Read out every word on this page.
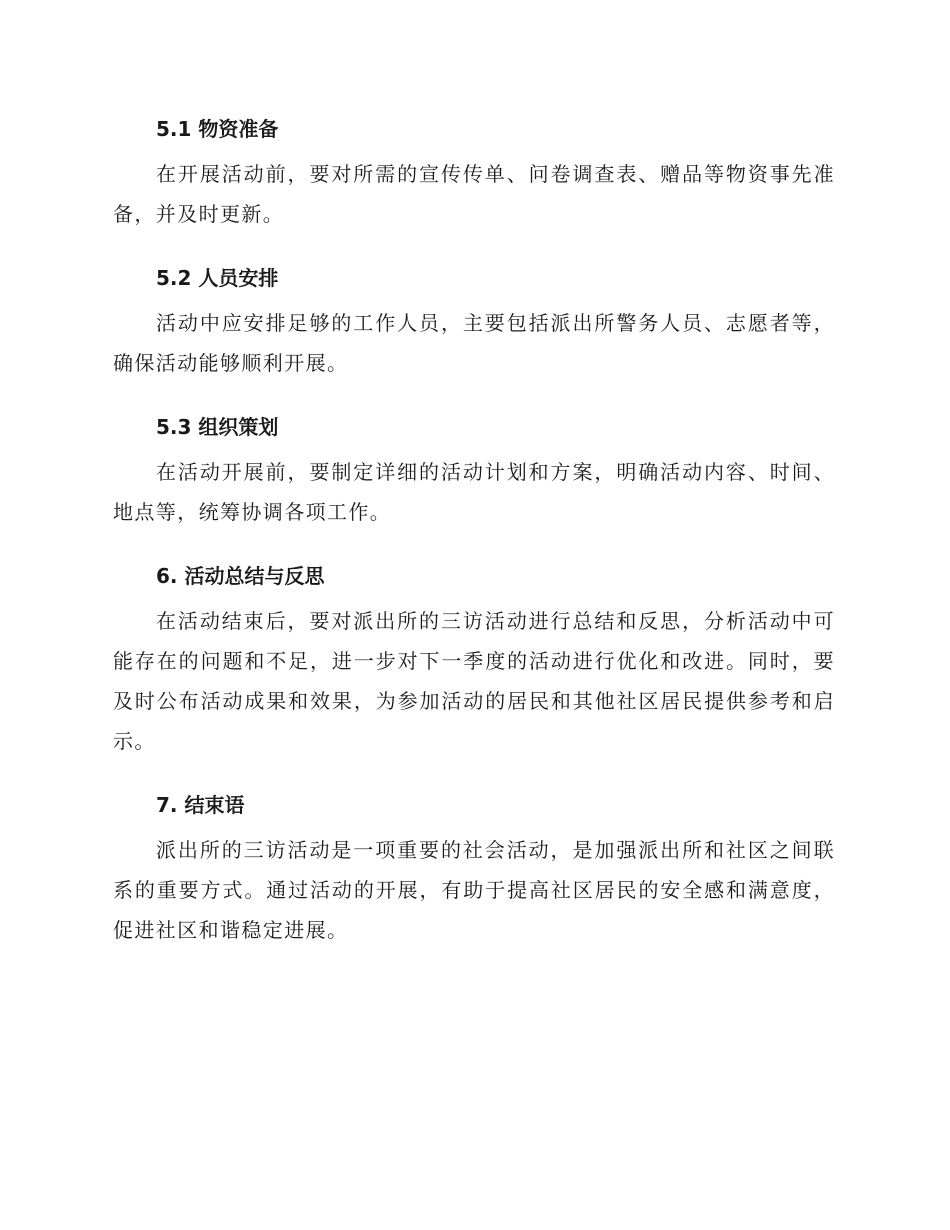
5.1 物资准备

在开展活动前，要对所需的宣传传单、问卷调查表、赠品等物资事先准备，并及时更新。

5.2 人员安排

活动中应安排足够的工作人员，主要包括派出所警务人员、志愿者等，确保活动能够顺利开展。

5.3 组织策划

在活动开展前，要制定详细的活动计划和方案，明确活动内容、时间、地点等，统筹协调各项工作。

6. 活动总结与反思

在活动结束后，要对派出所的三访活动进行总结和反思，分析活动中可能存在的问题和不足，进一步对下一季度的活动进行优化和改进。同时，要及时公布活动成果和效果，为参加活动的居民和其他社区居民提供参考和启示。

7. 结束语

派出所的三访活动是一项重要的社会活动，是加强派出所和社区之间联系的重要方式。通过活动的开展，有助于提高社区居民的安全感和满意度，促进社区和谐稳定进展。
